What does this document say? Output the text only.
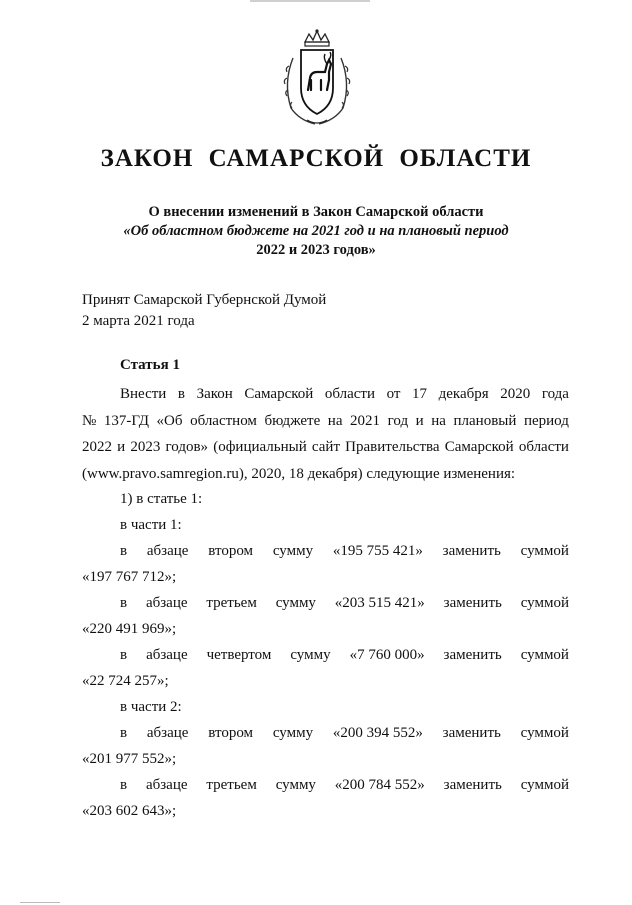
ЗАКОН САМАРСКОЙ ОБЛАСТИ
О внесении изменений в Закон Самарской области
«Об областном бюджете на 2021 год и на плановый период
2022 и 2023 годов»
Принят Самарской Губернской Думой
2 марта 2021 года
Статья 1
Внести в Закон Самарской области от 17 декабря 2020 года
№ 137-ГД «Об областном бюджете на 2021 год и на плановый период
2022 и 2023 годов» (официальный сайт Правительства Самарской области
(www.pravo.samregion.ru), 2020, 18 декабря) следующие изменения:
1) в статье 1:
в части 1:
в абзаце втором сумму «195 755 421» заменить суммой
«197 767 712»;
в абзаце третьем сумму «203 515 421» заменить суммой
«220 491 969»;
в абзаце четвертом сумму «7 760 000» заменить суммой
«22 724 257»;
в части 2:
в абзаце втором сумму «200 394 552» заменить суммой
«201 977 552»;
в абзаце третьем сумму «200 784 552» заменить суммой
«203 602 643»;
